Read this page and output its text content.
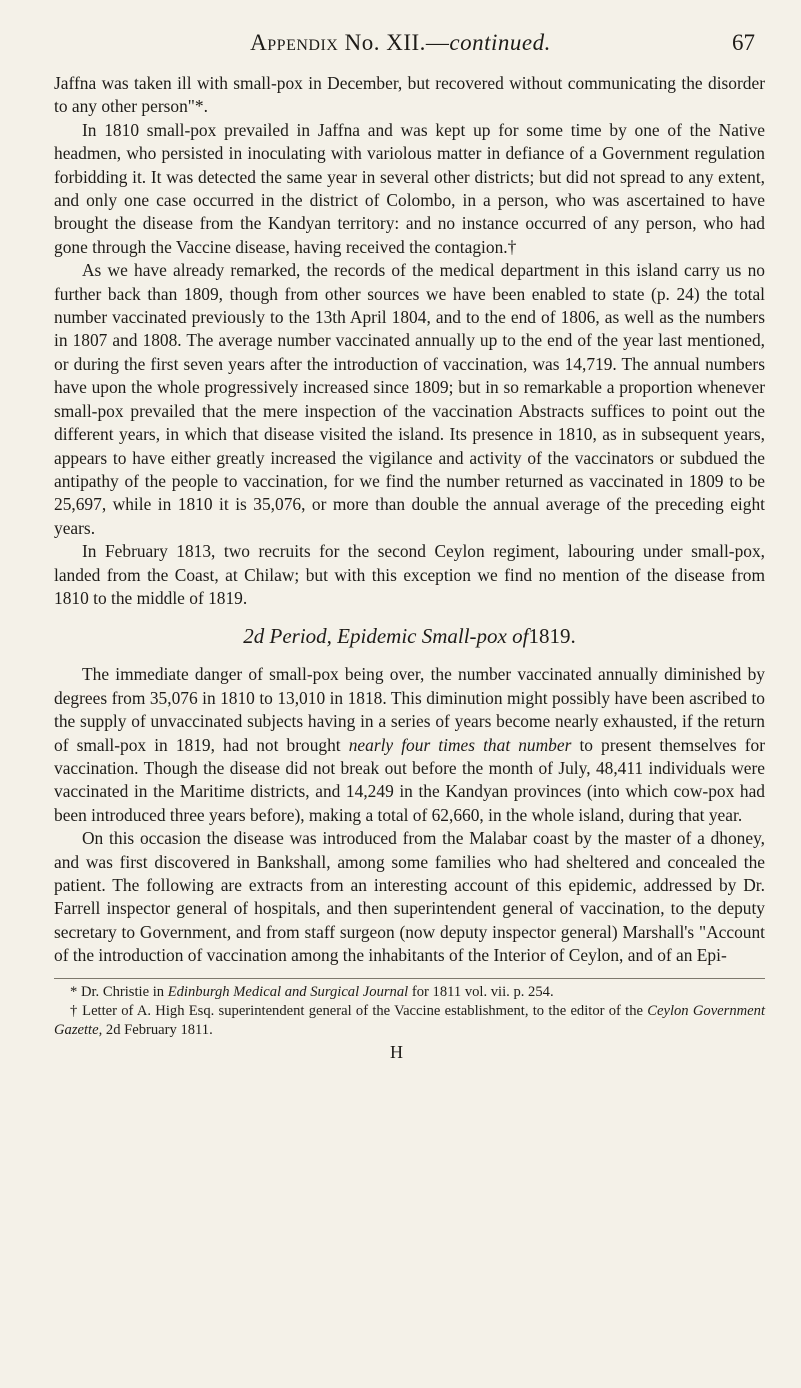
Appendix No. XII.—continued.	67

Jaffna was taken ill with small-pox in December, but recovered without communicating the disorder to any other person"*.

In 1810 small-pox prevailed in Jaffna and was kept up for some time by one of the Native headmen, who persisted in inoculating with variolous matter in defiance of a Government regulation forbidding it. It was detected the same year in several other districts; but did not spread to any extent, and only one case occurred in the district of Colombo, in a person, who was ascertained to have brought the disease from the Kandyan territory: and no instance occurred of any person, who had gone through the Vaccine disease, having received the contagion.†

As we have already remarked, the records of the medical department in this island carry us no further back than 1809, though from other sources we have been enabled to state (p. 24) the total number vaccinated previously to the 13th April 1804, and to the end of 1806, as well as the numbers in 1807 and 1808. The average number vaccinated annually up to the end of the year last mentioned, or during the first seven years after the introduction of vaccination, was 14,719. The annual numbers have upon the whole progressively increased since 1809; but in so remarkable a proportion whenever small-pox prevailed that the mere inspection of the vaccination Abstracts suffices to point out the different years, in which that disease visited the island. Its presence in 1810, as in subsequent years, appears to have either greatly increased the vigilance and activity of the vaccinators or subdued the antipathy of the people to vaccination, for we find the number returned as vaccinated in 1809 to be 25,697, while in 1810 it is 35,076, or more than double the annual average of the preceding eight years.

In February 1813, two recruits for the second Ceylon regiment, labouring under small-pox, landed from the Coast, at Chilaw; but with this exception we find no mention of the disease from 1810 to the middle of 1819.

2d Period, Epidemic Small-pox of1819.

The immediate danger of small-pox being over, the number vaccinated annually diminished by degrees from 35,076 in 1810 to 13,010 in 1818. This diminution might possibly have been ascribed to the supply of unvaccinated subjects having in a series of years become nearly exhausted, if the return of small-pox in 1819, had not brought nearly four times that number to present themselves for vaccination. Though the disease did not break out before the month of July, 48,411 individuals were vaccinated in the Maritime districts, and 14,249 in the Kandyan provinces (into which cow-pox had been introduced three years before), making a total of 62,660, in the whole island, during that year.

On this occasion the disease was introduced from the Malabar coast by the master of a dhoney, and was first discovered in Bankshall, among some families who had sheltered and concealed the patient. The following are extracts from an interesting account of this epidemic, addressed by Dr. Farrell inspector general of hospitals, and then superintendent general of vaccination, to the deputy secretary to Government, and from staff surgeon (now deputy inspector general) Marshall's "Account of the introduction of vaccination among the inhabitants of the Interior of Ceylon, and of an Epi-

* Dr. Christie in Edinburgh Medical and Surgical Journal for 1811 vol. vii. p. 254.

† Letter of A. High Esq. superintendent general of the Vaccine establishment, to the editor of the Ceylon Government Gazette, 2d February 1811.

H
